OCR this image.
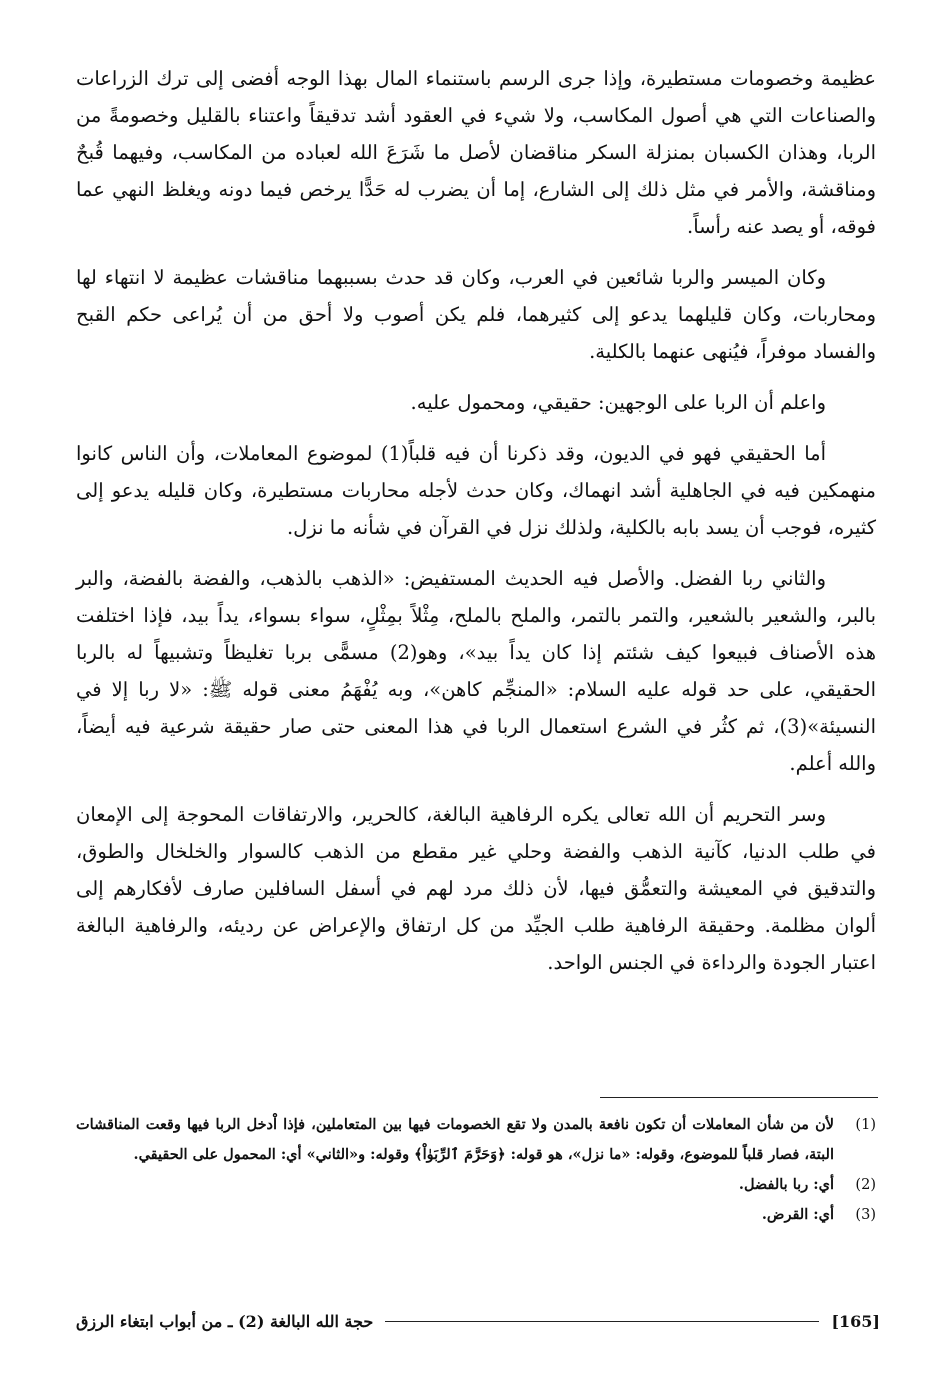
عظيمة وخصومات مستطيرة، وإذا جرى الرسم باستنماء المال بهذا الوجه أفضى إلى ترك الزراعات والصناعات التي هي أصول المكاسب، ولا شيء في العقود أشد تدقيقاً واعتناء بالقليل وخصومةً من الربا، وهذان الكسبان بمنزلة السكر مناقضان لأصل ما شَرَعَ الله لعباده من المكاسب، وفيهما قُبحٌ ومناقشة، والأمر في مثل ذلك إلى الشارع، إما أن يضرب له حَدًّا يرخص فيما دونه ويغلظ النهي عما فوقه، أو يصد عنه رأساً.

وكان الميسر والربا شائعين في العرب، وكان قد حدث بسببهما مناقشات عظيمة لا انتهاء لها ومحاربات، وكان قليلهما يدعو إلى كثيرهما، فلم يكن أصوب ولا أحق من أن يُراعى حكم القبح والفساد موفراً، فيُنهى عنهما بالكلية.

واعلم أن الربا على الوجهين: حقيقي، ومحمول عليه.

أما الحقيقي فهو في الديون، وقد ذكرنا أن فيه قلباً(1) لموضوع المعاملات، وأن الناس كانوا منهمكين فيه في الجاهلية أشد انهماك، وكان حدث لأجله محاربات مستطيرة، وكان قليله يدعو إلى كثيره، فوجب أن يسد بابه بالكلية، ولذلك نزل في القرآن في شأنه ما نزل.

والثاني ربا الفضل. والأصل فيه الحديث المستفيض: «الذهب بالذهب، والفضة بالفضة، والبر بالبر، والشعير بالشعير، والتمر بالتمر، والملح بالملح، مِثْلاً بمِثْلٍ، سواء بسواء، يداً بيد، فإذا اختلفت هذه الأصناف فبيعوا كيف شئتم إذا كان يداً بيد»، وهو(2) مسمًّى بربا تغليظاً وتشبيهاً له بالربا الحقيقي، على حد قوله عليه السلام: «المنجِّم كاهن»، وبه يُفْهَمُ معنى قوله ﷺ: «لا ربا إلا في النسيئة»(3)، ثم كثُر في الشرع استعمال الربا في هذا المعنى حتى صار حقيقة شرعية فيه أيضاً، والله أعلم.

وسر التحريم أن الله تعالى يكره الرفاهية البالغة، كالحرير، والارتفاقات المحوجة إلى الإمعان في طلب الدنيا، كآنية الذهب والفضة وحلي غير مقطع من الذهب كالسوار والخلخال والطوق، والتدقيق في المعيشة والتعمُّق فيها، لأن ذلك مرد لهم في أسفل السافلين صارف لأفكارهم إلى ألوان مظلمة. وحقيقة الرفاهية طلب الجيِّد من كل ارتفاق والإعراض عن رديئه، والرفاهية البالغة اعتبار الجودة والرداءة في الجنس الواحد.

(1)
لأن من شأن المعاملات أن تكون نافعة بالمدن ولا تقع الخصومات فيها بين المتعاملين، فإذا اْدخل الربا فيها وقعت المناقشات البتة، فصار قلباً للموضوع، وقوله: «ما نزل»، هو قوله: ﴿وَحَرَّمَ ٱلرِّبَوٰاْ﴾ وقوله: و«الثاني» أي: المحمول على الحقيقي.
(2)
أي: ربا بالفضل.
(3)
أي: القرض.
[165]
حجة الله البالغة (2) ـ من أبواب ابتغاء الرزق
